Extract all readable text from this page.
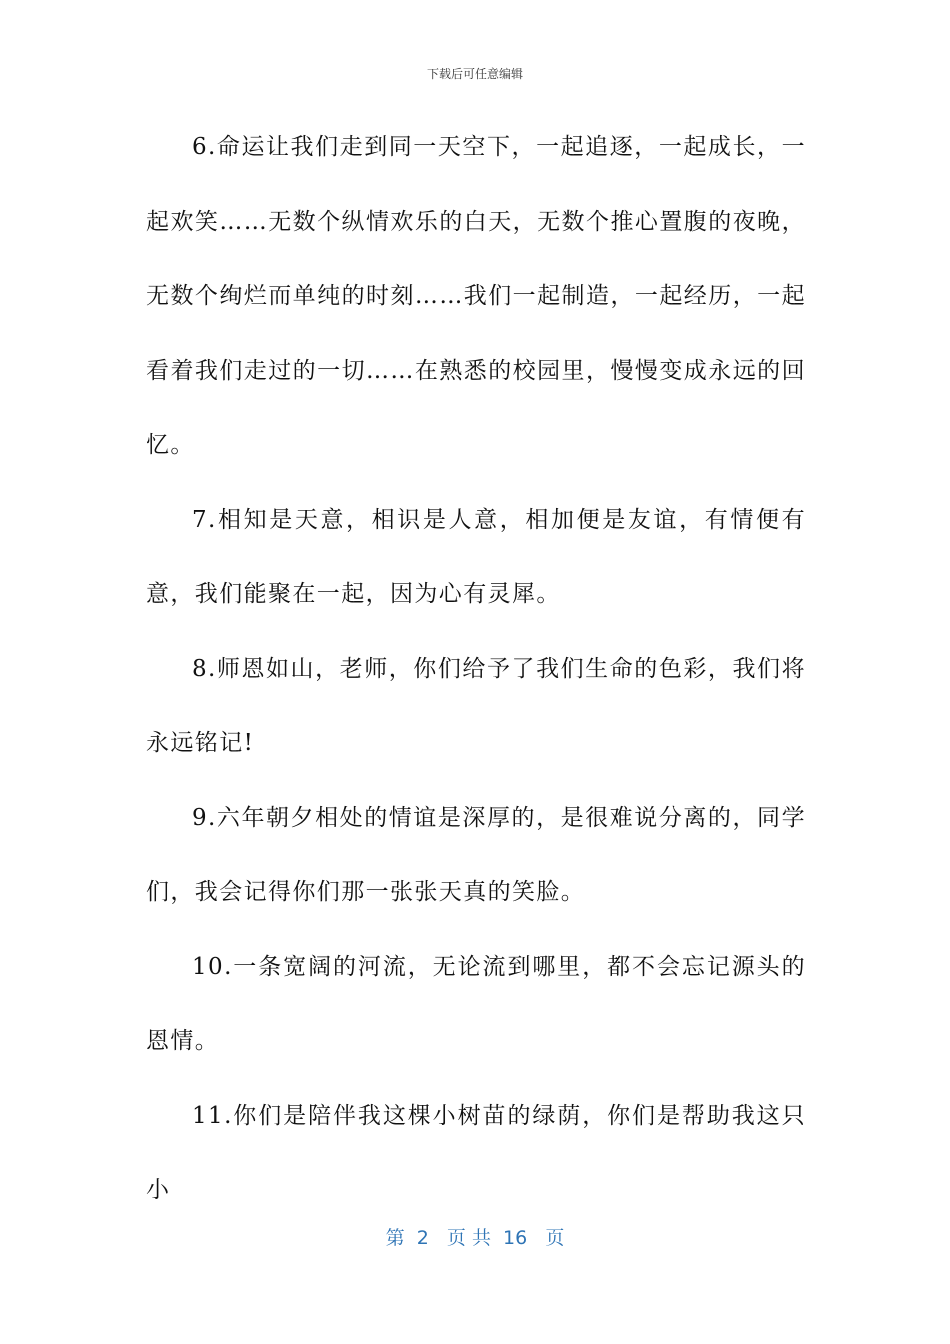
下载后可任意编辑

6.命运让我们走到同一天空下，一起追逐，一起成长，一起欢笑……无数个纵情欢乐的白天，无数个推心置腹的夜晚，无数个绚烂而单纯的时刻……我们一起制造，一起经历，一起看着我们走过的一切……在熟悉的校园里，慢慢变成永远的回忆。

7.相知是天意，相识是人意，相加便是友谊，有情便有意，我们能聚在一起，因为心有灵犀。

8.师恩如山，老师，你们给予了我们生命的色彩，我们将永远铭记!

9.六年朝夕相处的情谊是深厚的，是很难说分离的，同学们，我会记得你们那一张张天真的笑脸。

10.一条宽阔的河流，无论流到哪里，都不会忘记源头的恩情。

11.你们是陪伴我这棵小树苗的绿荫，你们是帮助我这只小

第  2   页 共  16   页
